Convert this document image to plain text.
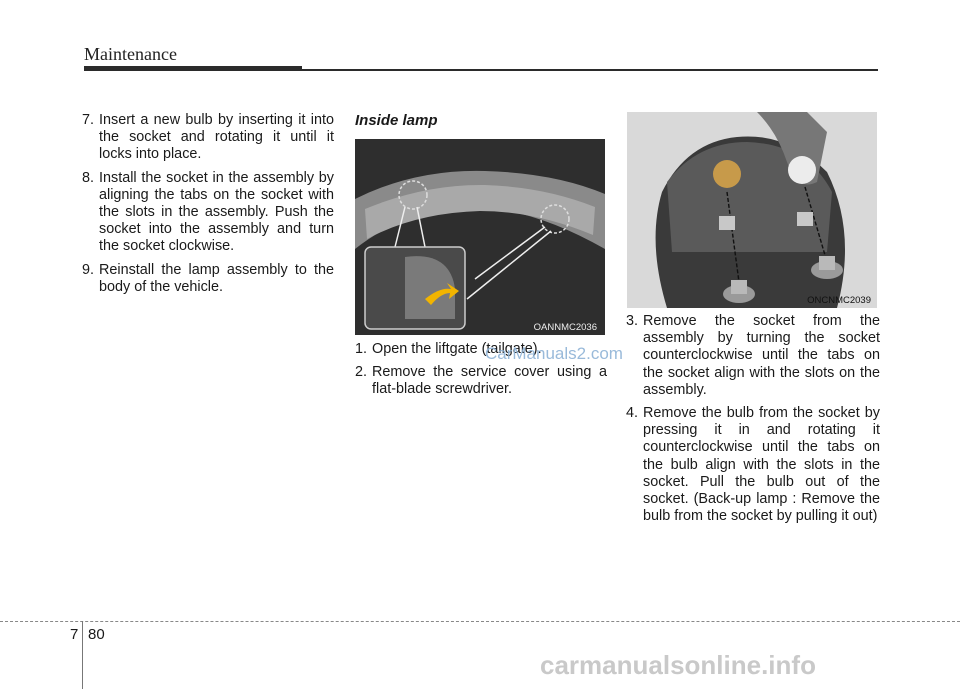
Maintenance
7. Insert a new bulb by inserting it into the socket and rotating it until it locks into place.
8. Install the socket in the assembly by aligning the tabs on the socket with the slots in the assembly. Push the socket into the assembly and turn the socket clockwise.
9. Reinstall the lamp assembly to the body of the vehicle.
Inside lamp
OANNMC2036
1. Open the liftgate (tailgate).
2. Remove the service cover using a flat-blade screwdriver.
ONCNMC2039
3. Remove the socket from the assembly by turning the socket counterclockwise until the tabs on the socket align with the slots on the assembly.
4. Remove the bulb from the socket by pressing it in and rotating it counterclockwise until the tabs on the bulb align with the slots in the socket. Pull the bulb out of the socket. (Back-up lamp : Remove the bulb from the socket by pulling it out)
CarManuals2.com
7 80
carmanualsonline.info
